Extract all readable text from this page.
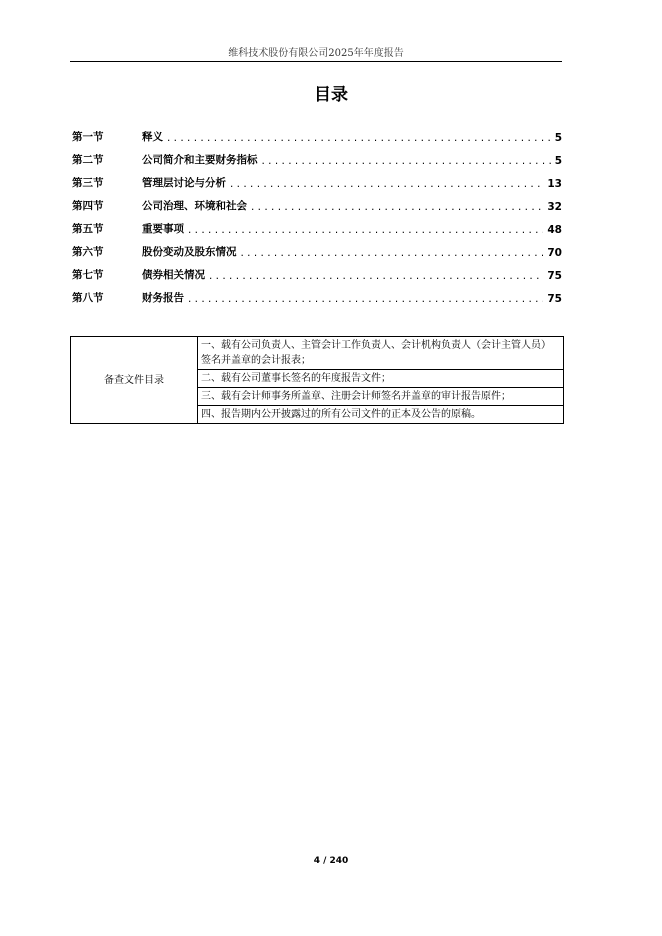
维科技术股份有限公司2025年年度报告
目录
第一节	释义 . . .	5
第二节	公司简介和主要财务指标 . . .	5
第三节	管理层讨论与分析 . . .	13
第四节	公司治理、环境和社会 . . .	32
第五节	重要事项 . . .	48
第六节	股份变动及股东情况 . . .	70
第七节	债券相关情况 . . .	75
第八节	财务报告 . . .	75
备查文件目录	一、载有公司负责人、主管会计工作负责人、会计机构负责人（会计主管人员）签名并盖章的会计报表；
二、载有公司董事长签名的年度报告文件；
三、载有会计师事务所盖章、注册会计师签名并盖章的审计报告原件；
四、报告期内公开披露过的所有公司文件的正本及公告的原稿。
4 / 240
